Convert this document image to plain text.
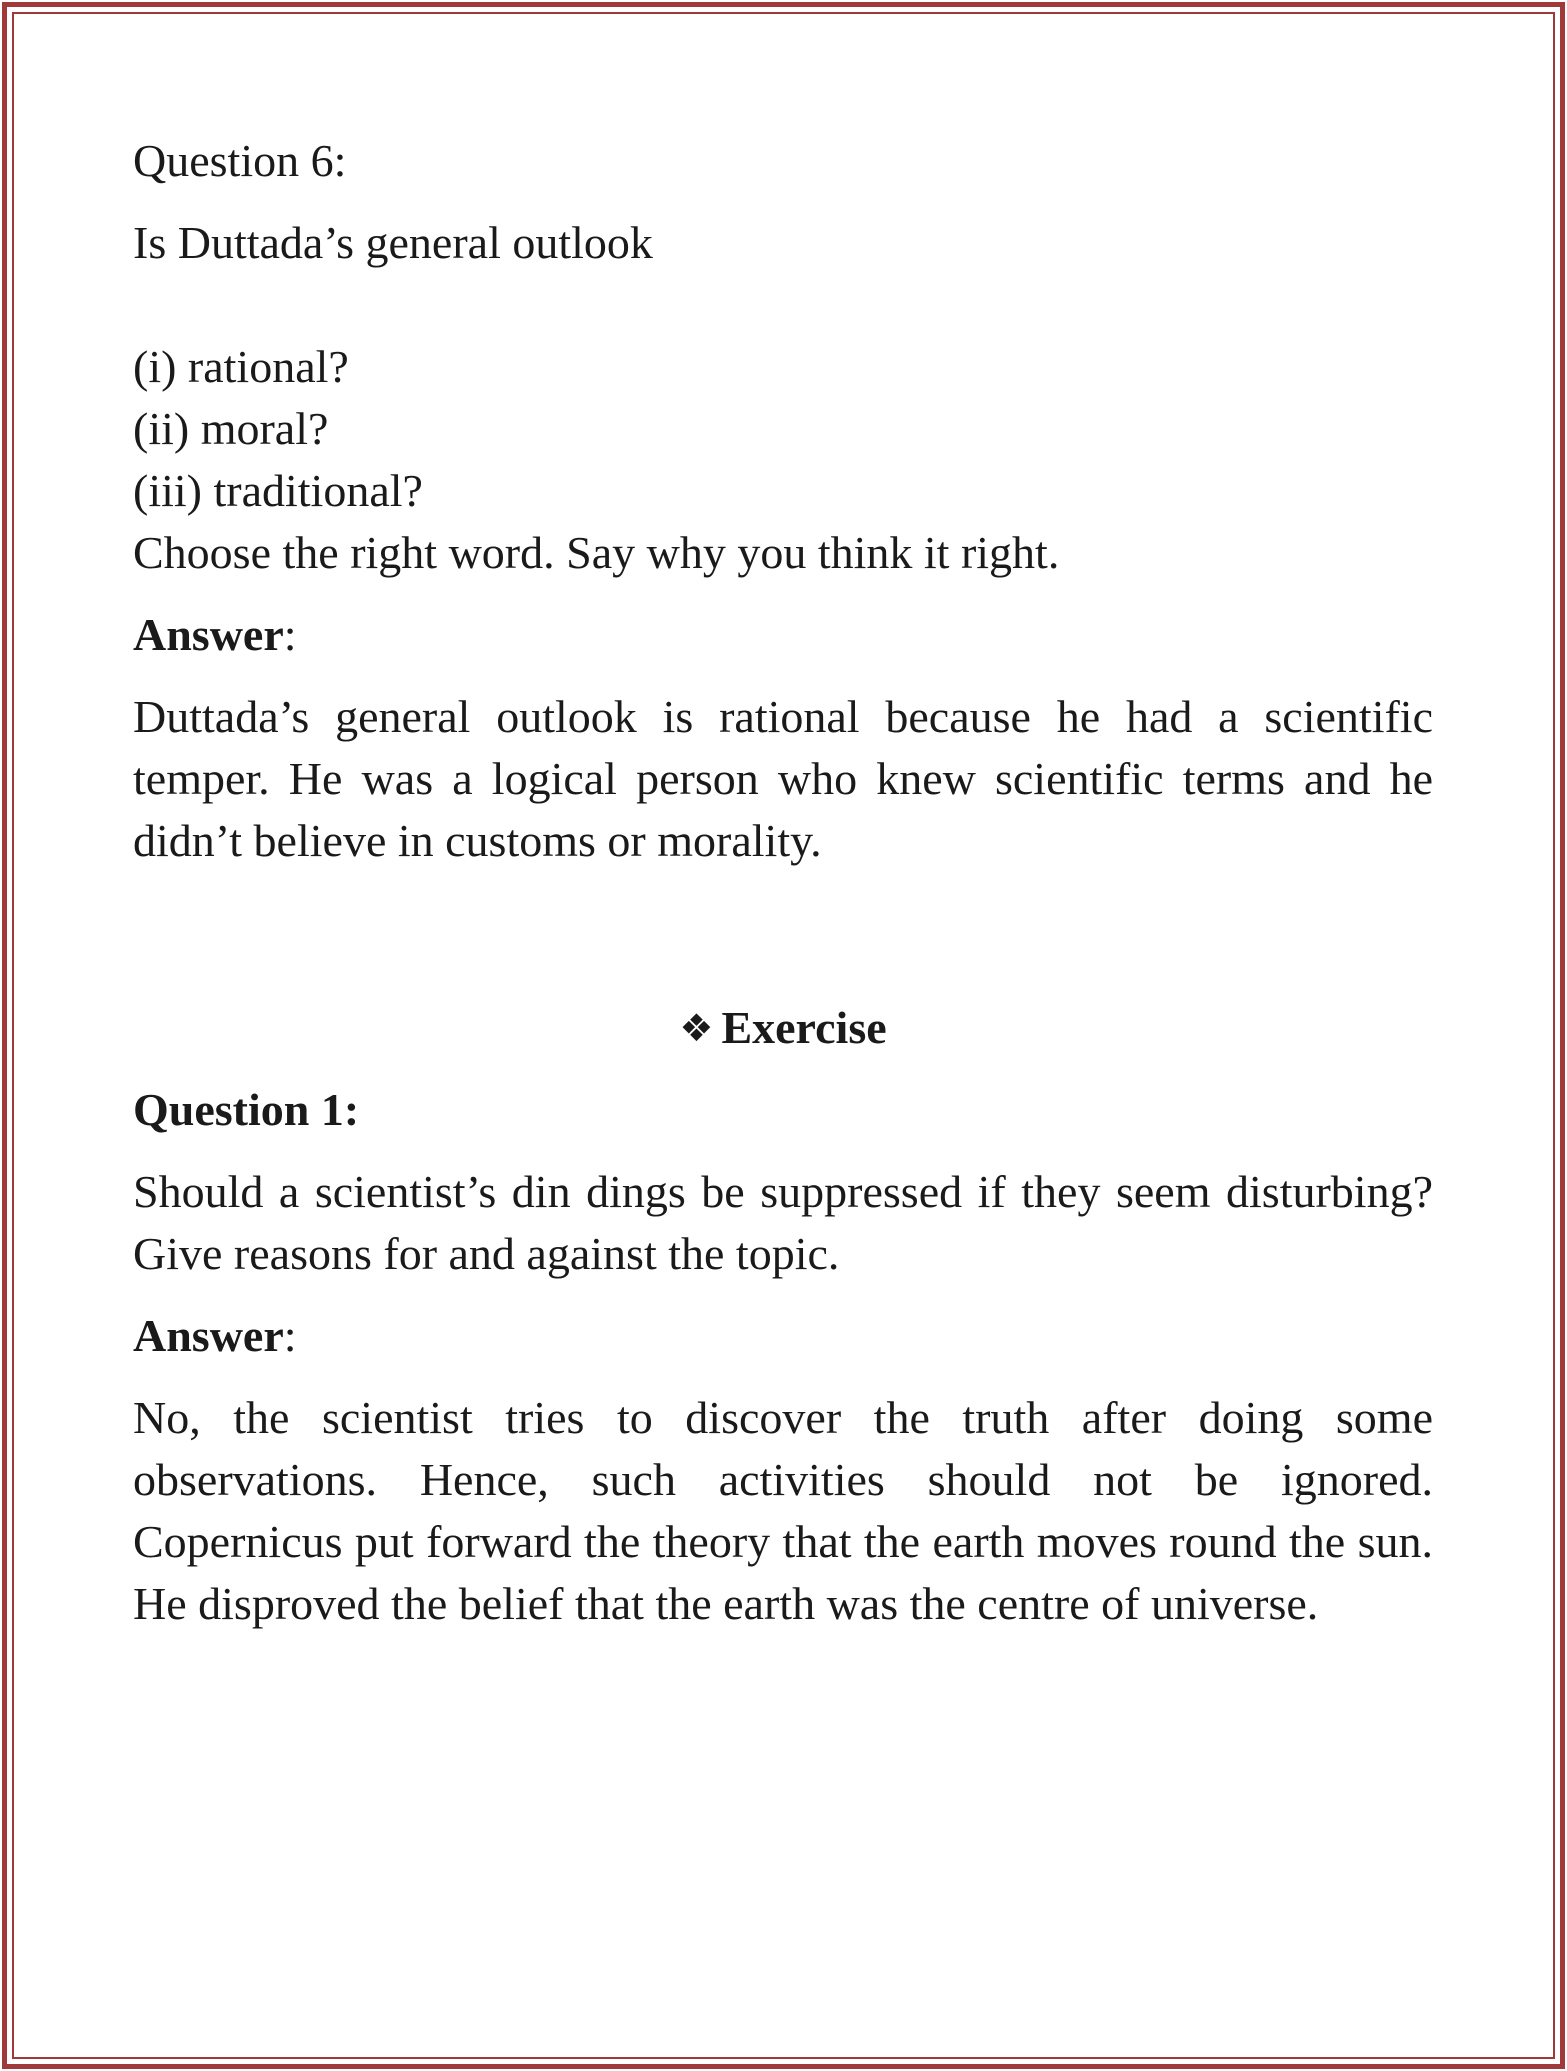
Question 6:

Is Duttada’s general outlook

(i) rational?
(ii) moral?
(iii) traditional?
Choose the right word. Say why you think it right.

Answer:

Duttada’s general outlook is rational because he had a scientific temper. He was a logical person who knew scientific terms and he didn’t believe in customs or morality.

❖ Exercise

Question 1:

Should a scientist’s din dings be suppressed if they seem disturbing? Give reasons for and against the topic.

Answer:

No, the scientist tries to discover the truth after doing some observations. Hence, such activities should not be ignored. Copernicus put forward the theory that the earth moves round the sun. He disproved the belief that the earth was the centre of universe.
